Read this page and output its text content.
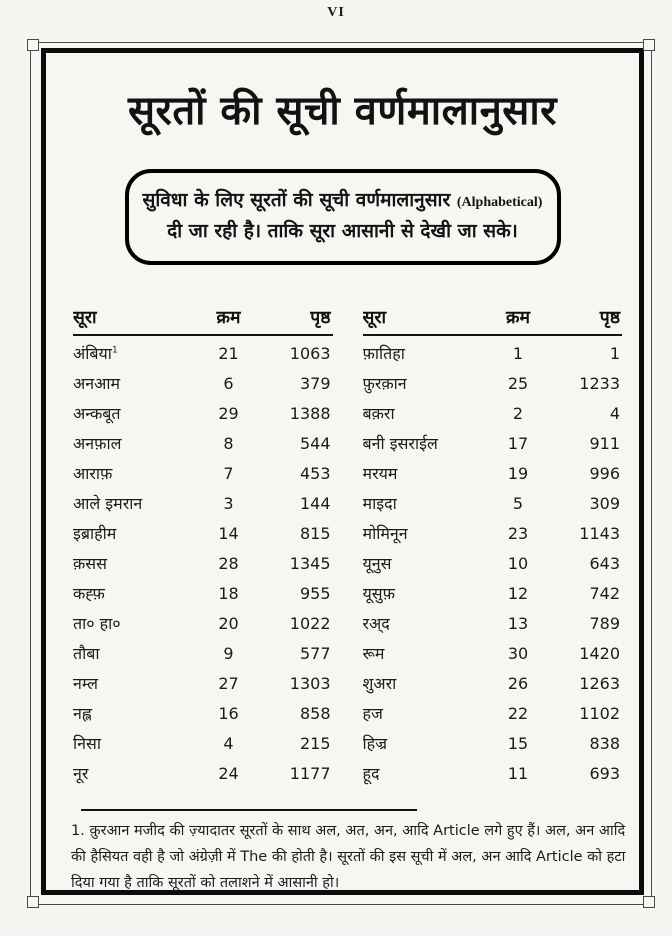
VI
सूरतों की सूची वर्णमालानुसार
सुविधा के लिए सूरतों की सूची वर्णमालानुसार (Alphabetical)
दी जा रही है। ताकि सूरा आसानी से देखी जा सके।
सूरा	क्रम	पृष्ठ
अंबिया$^1$	21	1063
अनआम	6	379
अन्कबूत	29	1388
अनफ़ाल	8	544
आराफ़	7	453
आले इमरान	3	144
इब्राहीम	14	815
क़सस	28	1345
कह्फ़	18	955
ता० हा०	20	1022
तौबा	9	577
नम्ल	27	1303
नह्ल	16	858
निसा	4	215
नूर	24	1177
सूरा	क्रम	पृष्ठ
फ़ातिहा	1	1
फ़ुरक़ान	25	1233
बक़रा	2	4
बनी इसराईल	17	911
मरयम	19	996
माइदा	5	309
मोमिनून	23	1143
यूनुस	10	643
यूसुफ़	12	742
रअ्द	13	789
रूम	30	1420
शुअरा	26	1263
हज	22	1102
हिज्र	15	838
हूद	11	693
1. क़ुरआन मजीद की ज़्यादातर सूरतों के साथ अल, अत, अन, आदि Article लगे हुए हैं। अल, अन आदि
की हैसियत वही है जो अंग्रेज़ी में The की होती है। सूरतों की इस सूची में अल, अन आदि Article को हटा
दिया गया है ताकि सूरतों को तलाशने में आसानी हो।
